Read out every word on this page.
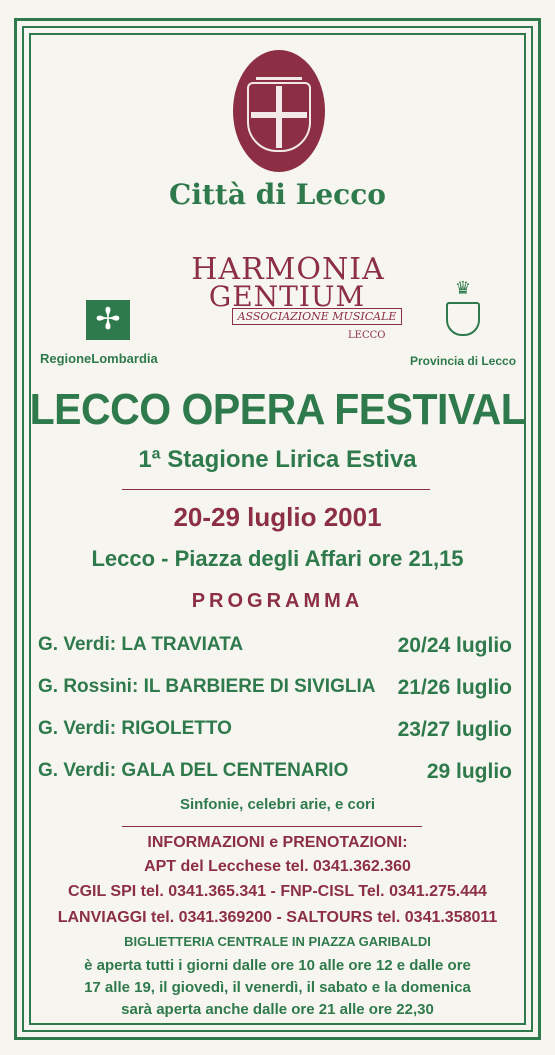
Città di Lecco
HARMONIA
GENTIUM
ASSOCIAZIONE MUSICALE
LECCO
✢
RegioneLombardia
♛
Provincia di Lecco
LECCO OPERA FESTIVAL
1ª Stagione Lirica Estiva
20-29 luglio 2001
Lecco - Piazza degli Affari ore 21,15
PROGRAMMA
G. Verdi: LA TRAVIATA	20/24 luglio
G. Rossini: IL BARBIERE DI SIVIGLIA 21/26 luglio
G. Verdi: RIGOLETTO	23/27 luglio
G. Verdi: GALA DEL CENTENARIO	29 luglio
Sinfonie, celebri arie, e cori
INFORMAZIONI e PRENOTAZIONI:
APT del Lecchese tel. 0341.362.360
CGIL SPI tel. 0341.365.341 - FNP-CISL Tel. 0341.275.444
LANVIAGGI tel. 0341.369200 - SALTOURS tel. 0341.358011
BIGLIETTERIA CENTRALE IN PIAZZA GARIBALDI
è aperta tutti i giorni dalle ore 10 alle ore 12 e dalle ore
17 alle 19, il giovedì, il venerdì, il sabato e la domenica
sarà aperta anche dalle ore 21 alle ore 22,30
